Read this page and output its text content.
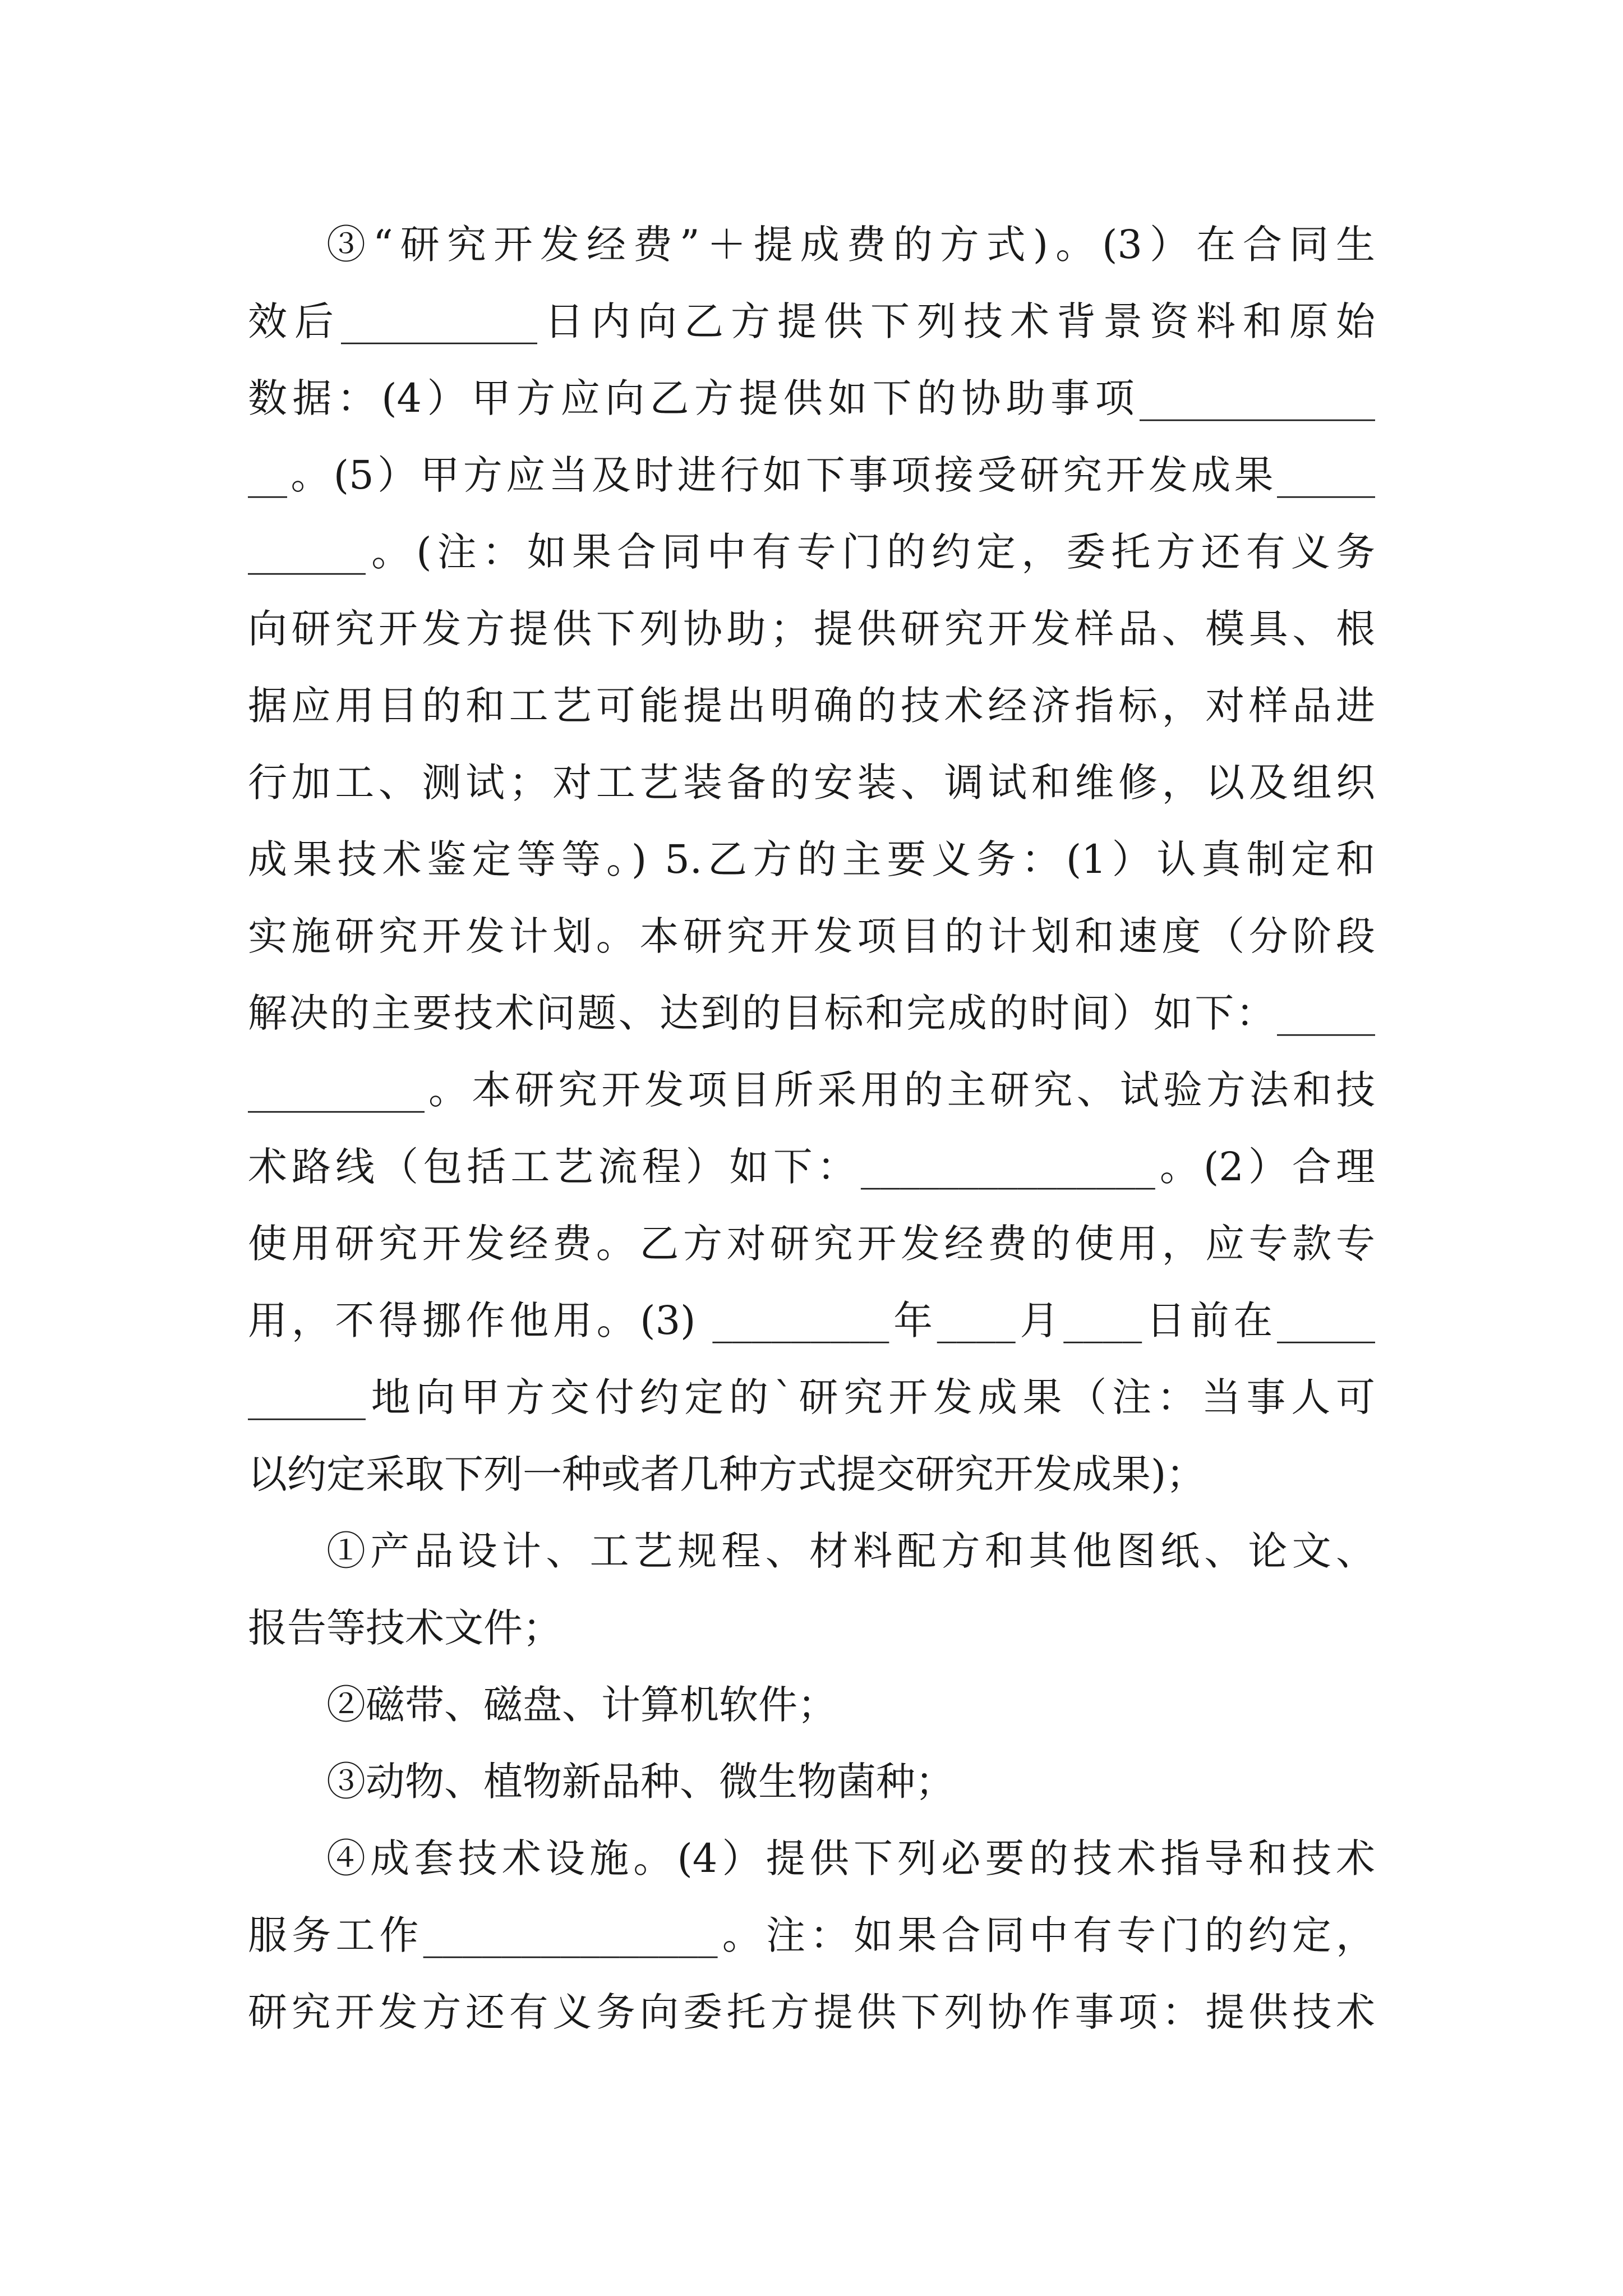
③“研究开发经费”＋提成费的方式)。(3）在合同生
效后__________日内向乙方提供下列技术背景资料和原始
数据：(4）甲方应向乙方提供如下的协助事项____________
__。(5）甲方应当及时进行如下事项接受研究开发成果_____
______。(注：如果合同中有专门的约定，委托方还有义务
向研究开发方提供下列协助；提供研究开发样品、模具、根
据应用目的和工艺可能提出明确的技术经济指标，对样品进
行加工、测试；对工艺装备的安装、调试和维修，以及组织
成果技术鉴定等等。) 5.乙方的主要义务：(1）认真制定和
实施研究开发计划。本研究开发项目的计划和速度（分阶段
解决的主要技术问题、达到的目标和完成的时间）如下：_____
_________。本研究开发项目所采用的主研究、试验方法和技
术路线（包括工艺流程）如下：_______________。(2）合理
使用研究开发经费。乙方对研究开发经费的使用，应专款专
用，不得挪作他用。(3) _________年____月____日前在_____
______地向甲方交付约定的`研究开发成果（注：当事人可
以约定采取下列一种或者几种方式提交研究开发成果)；
①产品设计、工艺规程、材料配方和其他图纸、论文、
报告等技术文件；
②磁带、磁盘、计算机软件；
③动物、植物新品种、微生物菌种；
④成套技术设施。(4）提供下列必要的技术指导和技术
服务工作_______________。注：如果合同中有专门的约定，
研究开发方还有义务向委托方提供下列协作事项：提供技术
